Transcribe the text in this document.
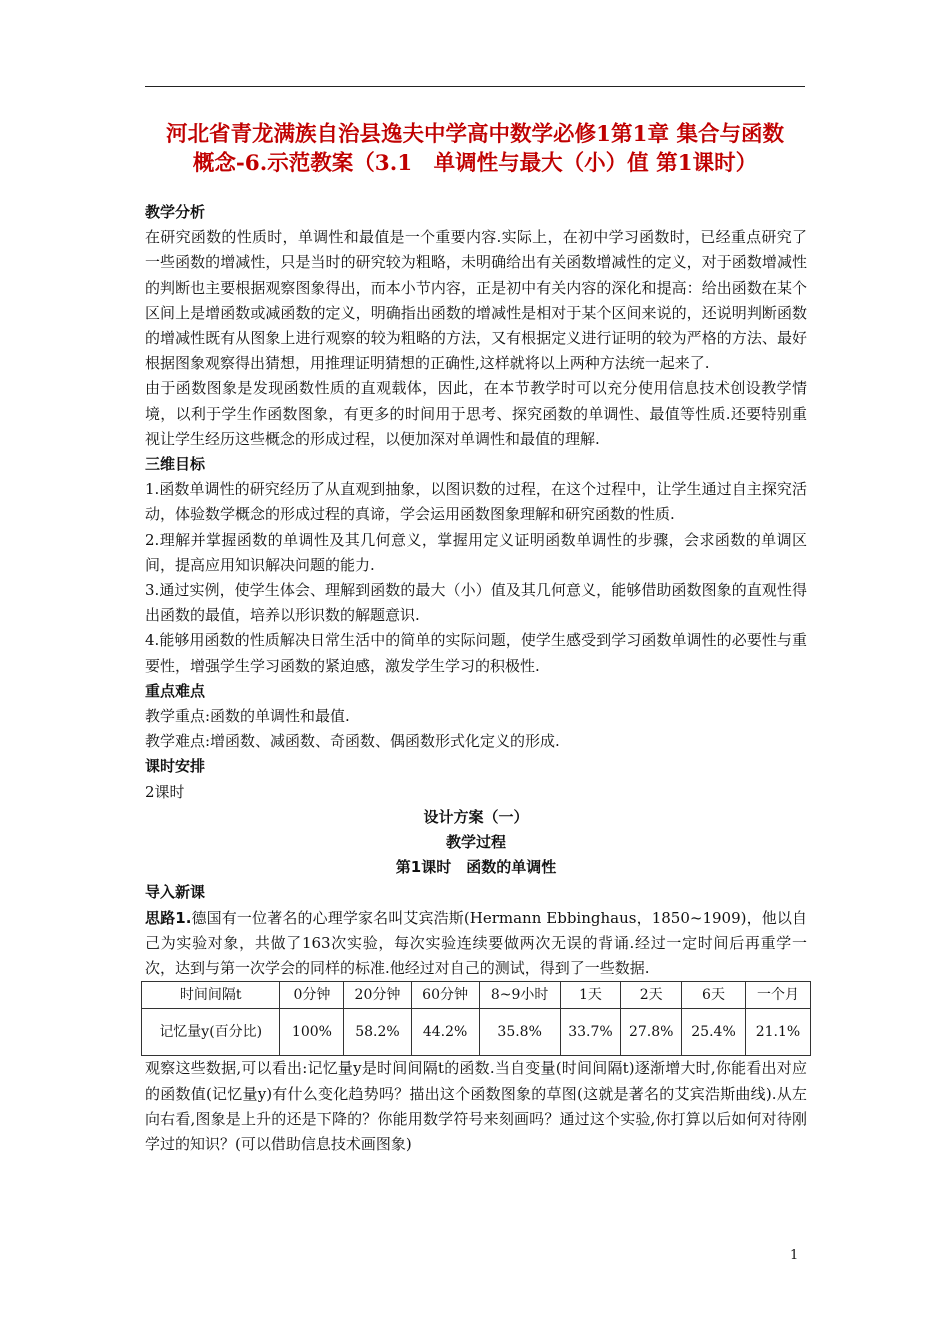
河北省青龙满族自治县逸夫中学高中数学必修1第1章 集合与函数
概念-6.示范教案（3.1　单调性与最大（小）值 第1课时）
教学分析
在研究函数的性质时，单调性和最值是一个重要内容.实际上，在初中学习函数时，已经重点研究了一些函数的增减性，只是当时的研究较为粗略，未明确给出有关函数增减性的定义，对于函数增减性的判断也主要根据观察图象得出，而本小节内容，正是初中有关内容的深化和提高：给出函数在某个区间上是增函数或减函数的定义，明确指出函数的增减性是相对于某个区间来说的，还说明判断函数的增减性既有从图象上进行观察的较为粗略的方法，又有根据定义进行证明的较为严格的方法、最好根据图象观察得出猜想，用推理证明猜想的正确性,这样就将以上两种方法统一起来了.
由于函数图象是发现函数性质的直观载体，因此，在本节教学时可以充分使用信息技术创设教学情境，以利于学生作函数图象，有更多的时间用于思考、探究函数的单调性、最值等性质.还要特别重视让学生经历这些概念的形成过程，以便加深对单调性和最值的理解.
三维目标
1.函数单调性的研究经历了从直观到抽象，以图识数的过程，在这个过程中，让学生通过自主探究活动，体验数学概念的形成过程的真谛，学会运用函数图象理解和研究函数的性质.
2.理解并掌握函数的单调性及其几何意义，掌握用定义证明函数单调性的步骤，会求函数的单调区间，提高应用知识解决问题的能力.
3.通过实例，使学生体会、理解到函数的最大（小）值及其几何意义，能够借助函数图象的直观性得出函数的最值，培养以形识数的解题意识.
4.能够用函数的性质解决日常生活中的简单的实际问题，使学生感受到学习函数单调性的必要性与重要性，增强学生学习函数的紧迫感，激发学生学习的积极性.
重点难点
教学重点:函数的单调性和最值.
教学难点:增函数、减函数、奇函数、偶函数形式化定义的形成.
课时安排
2课时
设计方案（一）
教学过程
第1课时　函数的单调性
导入新课
思路1.德国有一位著名的心理学家名叫艾宾浩斯(Hermann Ebbinghaus，1850~1909)，他以自己为实验对象，共做了163次实验，每次实验连续要做两次无误的背诵.经过一定时间后再重学一次，达到与第一次学会的同样的标准.他经过对自己的测试，得到了一些数据.
时间间隔t	0分钟	20分钟	60分钟	8~9小时	1天	2天	6天	一个月
记忆量y(百分比)	100%	58.2%	44.2%	35.8%	33.7%	27.8%	25.4%	21.1%
观察这些数据,可以看出:记忆量y是时间间隔t的函数.当自变量(时间间隔t)逐渐增大时,你能看出对应的函数值(记忆量y)有什么变化趋势吗？描出这个函数图象的草图(这就是著名的艾宾浩斯曲线).从左向右看,图象是上升的还是下降的？你能用数学符号来刻画吗？通过这个实验,你打算以后如何对待刚学过的知识？(可以借助信息技术画图象)
1
